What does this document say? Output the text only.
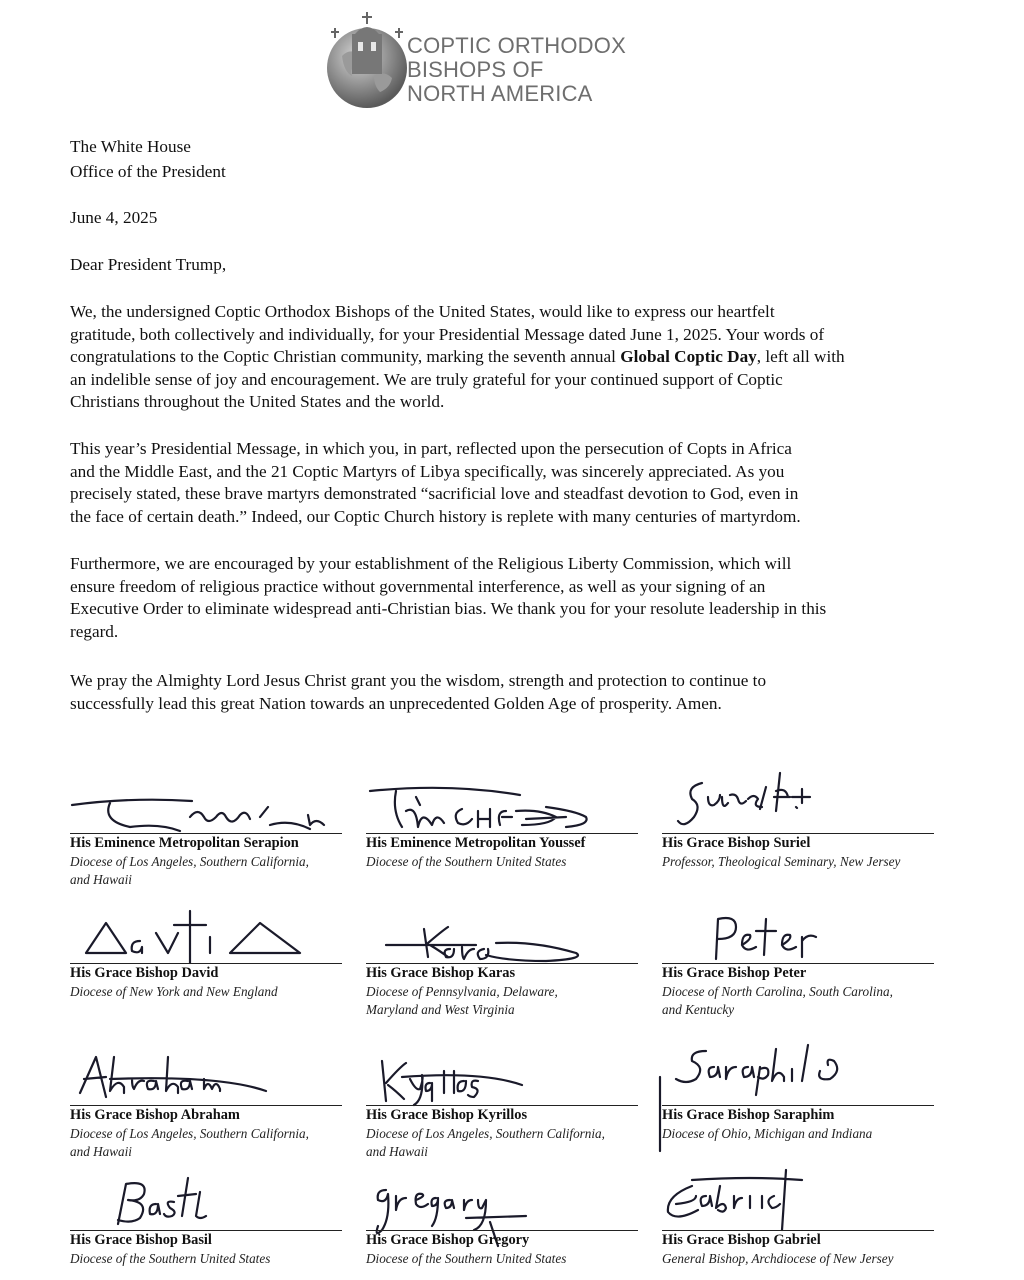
COPTIC ORTHODOX
BISHOPS OF
NORTH AMERICA
The White House
Office of the President
June 4, 2025
Dear President Trump,
We, the undersigned Coptic Orthodox Bishops of the United States, would like to express our heartfelt
gratitude, both collectively and individually, for your Presidential Message dated June 1, 2025. Your words of
congratulations to the Coptic Christian community, marking the seventh annual Global Coptic Day, left all with
an indelible sense of joy and encouragement. We are truly grateful for your continued support of Coptic
Christians throughout the United States and the world.
This year’s Presidential Message, in which you, in part, reflected upon the persecution of Copts in Africa
and the Middle East, and the 21 Coptic Martyrs of Libya specifically, was sincerely appreciated. As you
precisely stated, these brave martyrs demonstrated “sacrificial love and steadfast devotion to God, even in
the face of certain death.” Indeed, our Coptic Church history is replete with many centuries of martyrdom.
Furthermore, we are encouraged by your establishment of the Religious Liberty Commission, which will
ensure freedom of religious practice without governmental interference, as well as your signing of an
Executive Order to eliminate widespread anti-Christian bias. We thank you for your resolute leadership in this
regard.
We pray the Almighty Lord Jesus Christ grant you the wisdom, strength and protection to continue to
successfully lead this great Nation towards an unprecedented Golden Age of prosperity. Amen.
His Eminence Metropolitan Serapion
Diocese of Los Angeles, Southern California,
and Hawaii
His Eminence Metropolitan Youssef
Diocese of the Southern United States
His Grace Bishop Suriel
Professor, Theological Seminary, New Jersey
His Grace Bishop David
Diocese of New York and New England
His Grace Bishop Karas
Diocese of Pennsylvania, Delaware,
Maryland and West Virginia
His Grace Bishop Peter
Diocese of North Carolina, South Carolina,
and Kentucky
His Grace Bishop Abraham
Diocese of Los Angeles, Southern California,
and Hawaii
His Grace Bishop Kyrillos
Diocese of Los Angeles, Southern California,
and Hawaii
His Grace Bishop Saraphim
Diocese of Ohio, Michigan and Indiana
His Grace Bishop Basil
Diocese of the Southern United States
His Grace Bishop Gregory
Diocese of the Southern United States
His Grace Bishop Gabriel
General Bishop, Archdiocese of New Jersey
